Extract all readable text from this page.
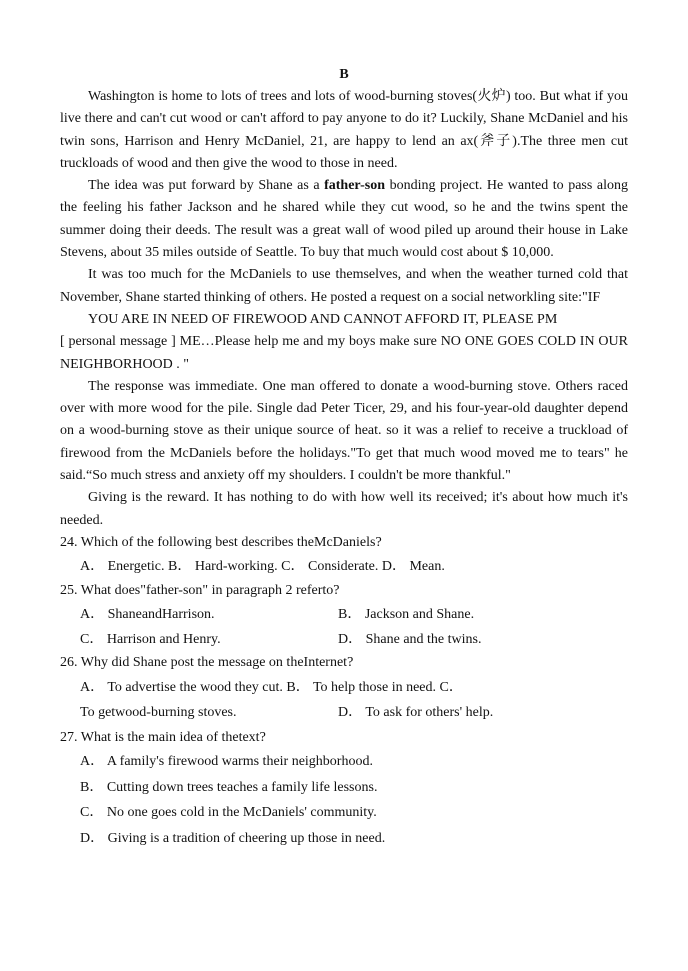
B

Washington is home to lots of trees and lots of wood-burning stoves(火炉) too. But what if you live there and can't cut wood or can't afford to pay anyone to do it? Luckily, Shane McDaniel and his twin sons, Harrison and Henry McDaniel, 21, are happy to lend an ax(斧子).The three men cut truckloads of wood and then give the wood to those in need.

The idea was put forward by Shane as a father-son bonding project. He wanted to pass along the feeling his father Jackson and he shared while they cut wood, so he and the twins spent the summer doing their deeds. The result was a great wall of wood piled up around their house in Lake Stevens, about 35 miles outside of Seattle. To buy that much would cost about $ 10,000.

It was too much for the McDaniels to use themselves, and when the weather turned cold that November, Shane started thinking of others. He posted a request on a social networkling site:"IF

YOU ARE IN NEED OF FIREWOOD AND CANNOT AFFORD IT, PLEASE PM

[ personal message ] ME…Please help me and my boys make sure NO ONE GOES COLD IN OUR NEIGHBORHOOD . "

The response was immediate. One man offered to donate a wood-burning stove. Others raced over with more wood for the pile. Single dad Peter Ticer, 29, and his four-year-old daughter depend on a wood-burning stove as their unique source of heat. so it was a relief to receive a truckload of firewood from the McDaniels before the holidays."To get that much wood moved me to tears" he said.“So much stress and anxiety off my shoulders. I couldn't be more thankful."

Giving is the reward. It has nothing to do with how well its received; it's about how much it's needed.

24. Which of the following best describes theMcDaniels?

A． Energetic. B． Hard-working. C． Considerate. D． Mean.

25. What does"father-son" in paragraph 2 referto?

A． ShaneandHarrison.	B． Jackson and Shane.
C． Harrison and Henry.	D． Shane and the twins.

26. Why did Shane post the message on theInternet?

A． To advertise the wood they cut. B． To help those in need. C．
To getwood-burning stoves.	D． To ask for others' help.

27. What is the main idea of thetext?

A． A family's firewood warms their neighborhood.
B． Cutting down trees teaches a family life lessons.
C． No one goes cold in the McDaniels' community.
D． Giving is a tradition of cheering up those in need.
